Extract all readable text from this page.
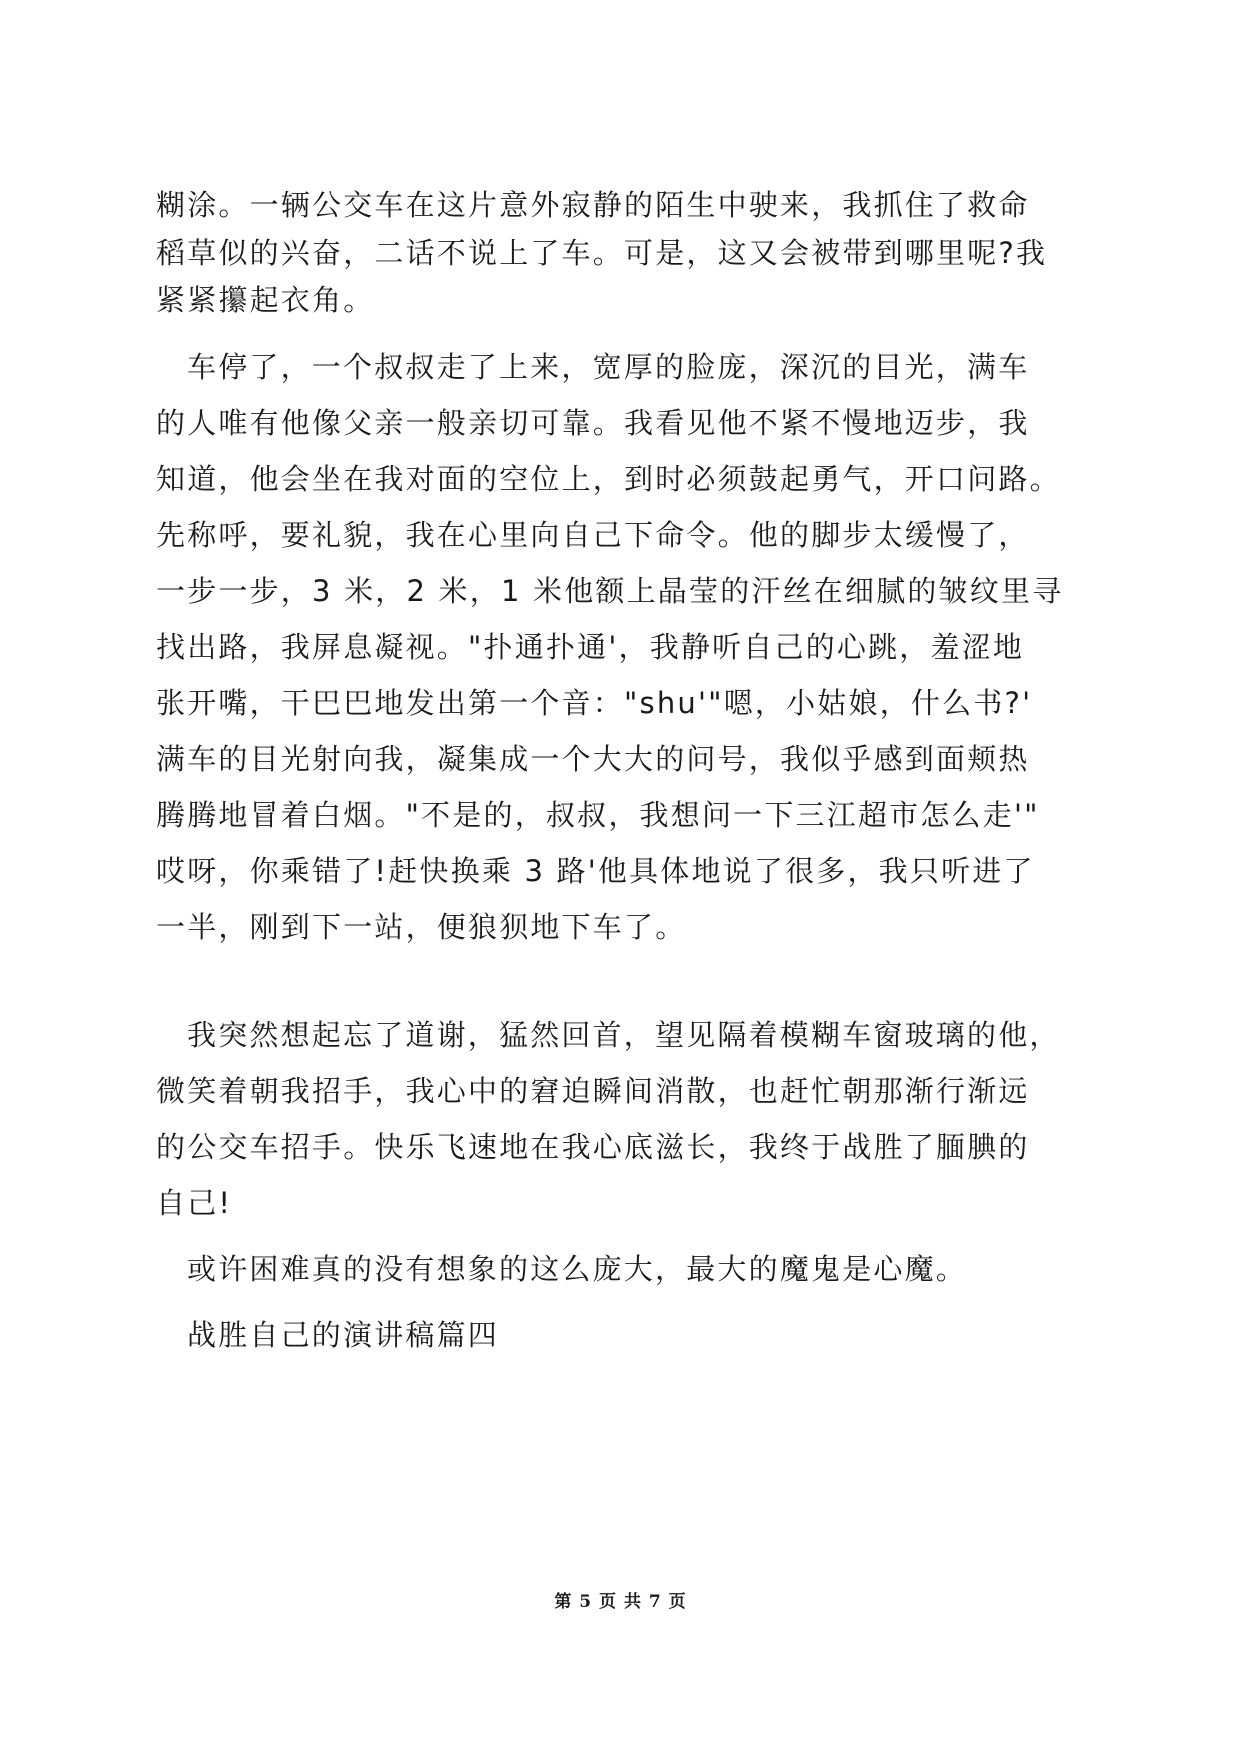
糊涂。一辆公交车在这片意外寂静的陌生中驶来，我抓住了救命
稻草似的兴奋，二话不说上了车。可是，这又会被带到哪里呢?我
紧紧攥起衣角。
车停了，一个叔叔走了上来，宽厚的脸庞，深沉的目光，满车
的人唯有他像父亲一般亲切可靠。我看见他不紧不慢地迈步，我
知道，他会坐在我对面的空位上，到时必须鼓起勇气，开口问路。
先称呼，要礼貌，我在心里向自己下命令。他的脚步太缓慢了，
一步一步，3 米，2 米，1 米他额上晶莹的汗丝在细腻的皱纹里寻
找出路，我屏息凝视。"扑通扑通'，我静听自己的心跳，羞涩地
张开嘴，干巴巴地发出第一个音："shu'"嗯，小姑娘，什么书?'
满车的目光射向我，凝集成一个大大的问号，我似乎感到面颊热
腾腾地冒着白烟。"不是的，叔叔，我想问一下三江超市怎么走'"
哎呀，你乘错了!赶快换乘 3 路'他具体地说了很多，我只听进了
一半，刚到下一站，便狼狈地下车了。
我突然想起忘了道谢，猛然回首，望见隔着模糊车窗玻璃的他，
微笑着朝我招手，我心中的窘迫瞬间消散，也赶忙朝那渐行渐远
的公交车招手。快乐飞速地在我心底滋长，我终于战胜了腼腆的
自己!
或许困难真的没有想象的这么庞大，最大的魔鬼是心魔。
战胜自己的演讲稿篇四
第 5 页 共 7 页
